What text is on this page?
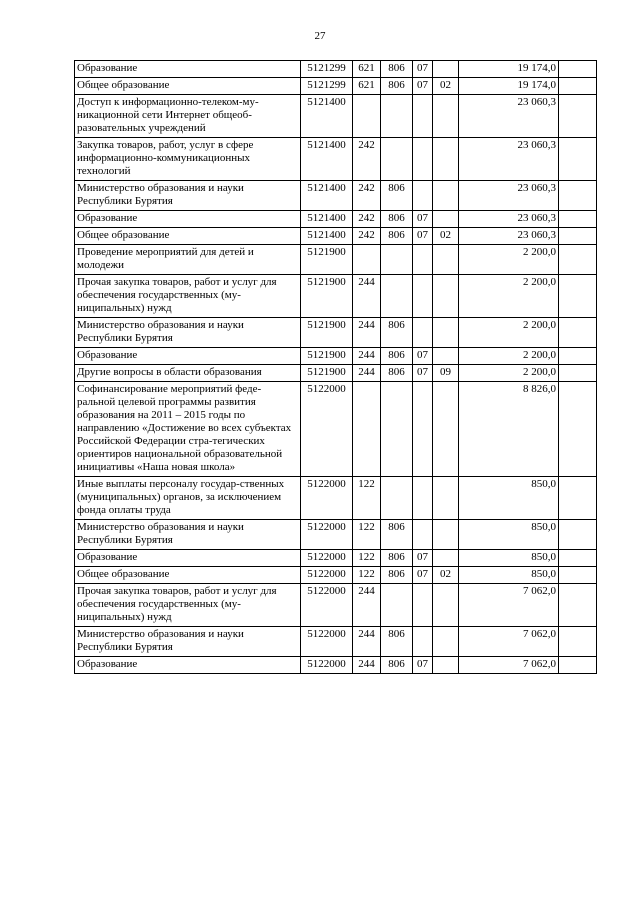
27
Образование	5121299	621	806	07		19 174,0	
Общее образование	5121299	621	806	07	02	19 174,0	
Доступ к информационно-телеком-му-никационной сети Интернет общеоб-разовательных учреждений	5121400					23 060,3	
Закупка товаров, работ, услуг в сфере информационно-коммуникационных технологий	5121400	242				23 060,3	
Министерство образования и науки Республики Бурятия	5121400	242	806			23 060,3	
Образование	5121400	242	806	07		23 060,3	
Общее образование	5121400	242	806	07	02	23 060,3	
Проведение мероприятий для детей и молодежи	5121900					2 200,0	
Прочая закупка товаров, работ и услуг для обеспечения государственных (му-ниципальных) нужд	5121900	244				2 200,0	
Министерство образования и науки Республики Бурятия	5121900	244	806			2 200,0	
Образование	5121900	244	806	07		2 200,0	
Другие вопросы в области образования	5121900	244	806	07	09	2 200,0	
Софинансирование мероприятий феде-ральной целевой программы развития образования на 2011 – 2015 годы по направлению «Достижение во всех субъектах Российской Федерации стра-тегических ориентиров национальной образовательной инициативы «Наша новая школа»	5122000					8 826,0	
Иные выплаты персоналу государ-ственных (муниципальных) органов, за исключением фонда оплаты труда	5122000	122				850,0	
Министерство образования и науки Республики Бурятия	5122000	122	806			850,0	
Образование	5122000	122	806	07		850,0	
Общее образование	5122000	122	806	07	02	850,0	
Прочая закупка товаров, работ и услуг для обеспечения государственных (му-ниципальных) нужд	5122000	244				7 062,0	
Министерство образования и науки Республики Бурятия	5122000	244	806			7 062,0	
Образование	5122000	244	806	07		7 062,0	
